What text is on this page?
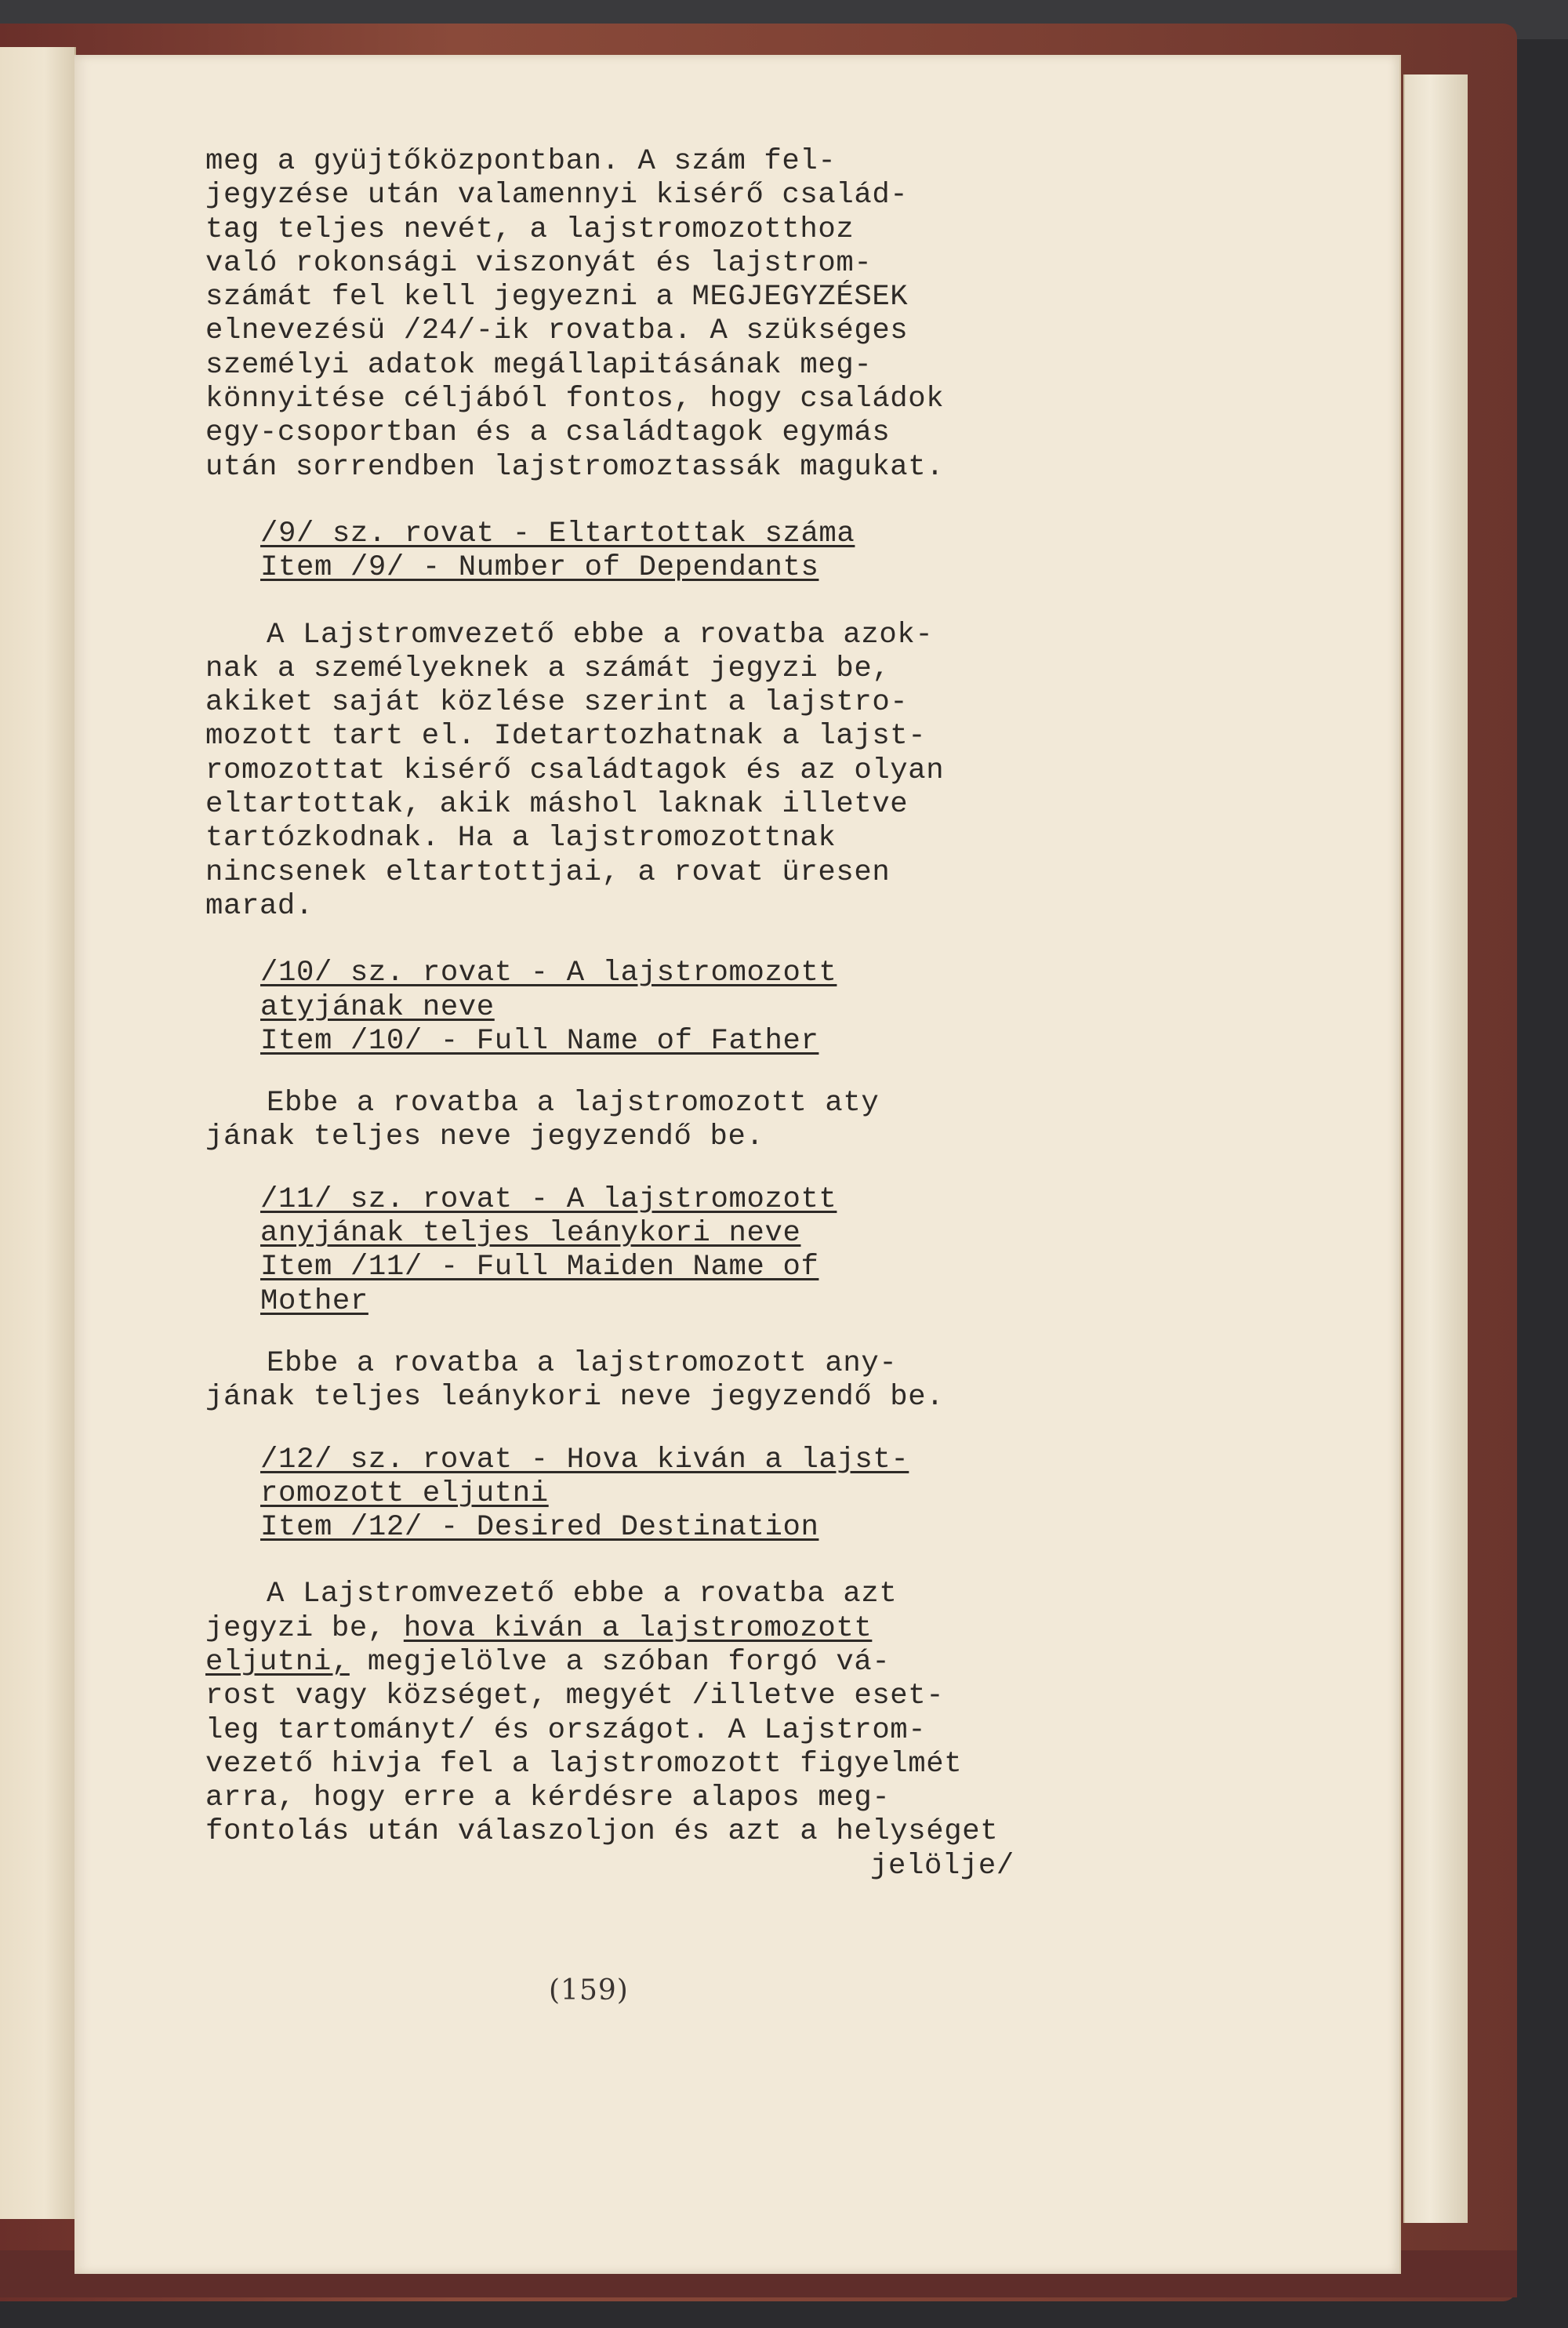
meg a gyüjtőközpontban. A szám fel-
jegyzése után valamennyi kisérő család-
tag teljes nevét, a lajstromozotthoz
való rokonsági viszonyát és lajstrom-
számát fel kell jegyezni a MEGJEGYZÉSEK
elnevezésü /24/-ik rovatba. A szükséges
személyi adatok megállapitásának meg-
könnyitése céljából fontos, hogy családok
egy-csoportban és a családtagok egymás
után sorrendben lajstromoztassák magukat.
/9/ sz. rovat - Eltartottak száma
Item /9/ - Number of Dependants
A Lajstromvezető ebbe a rovatba azok-
nak a személyeknek a számát jegyzi be,
akiket saját közlése szerint a lajstro-
mozott tart el. Idetartozhatnak a lajst-
romozottat kisérő családtagok és az olyan
eltartottak, akik máshol laknak illetve
tartózkodnak. Ha a lajstromozottnak
nincsenek eltartottjai, a rovat üresen
marad.
/10/ sz. rovat - A lajstromozott
atyjának neve
Item /10/ - Full Name of Father
Ebbe a rovatba a lajstromozott aty
jának teljes neve jegyzendő be.
/11/ sz. rovat - A lajstromozott
anyjának teljes leánykori neve
Item /11/ - Full Maiden Name of
Mother
Ebbe a rovatba a lajstromozott any-
jának teljes leánykori neve jegyzendő be.
/12/ sz. rovat - Hova kiván a lajst-
romozott eljutni
Item /12/ - Desired Destination
A Lajstromvezető ebbe a rovatba azt
jegyzi be, hova kiván a lajstromozott
eljutni, megjelölve a szóban forgó vá-
rost vagy községet, megyét /illetve eset-
leg tartományt/ és országot. A Lajstrom-
vezető hivja fel a lajstromozott figyelmét
arra, hogy erre a kérdésre alapos meg-
fontolás után válaszoljon és azt a helységet
jelölje/
(159)
